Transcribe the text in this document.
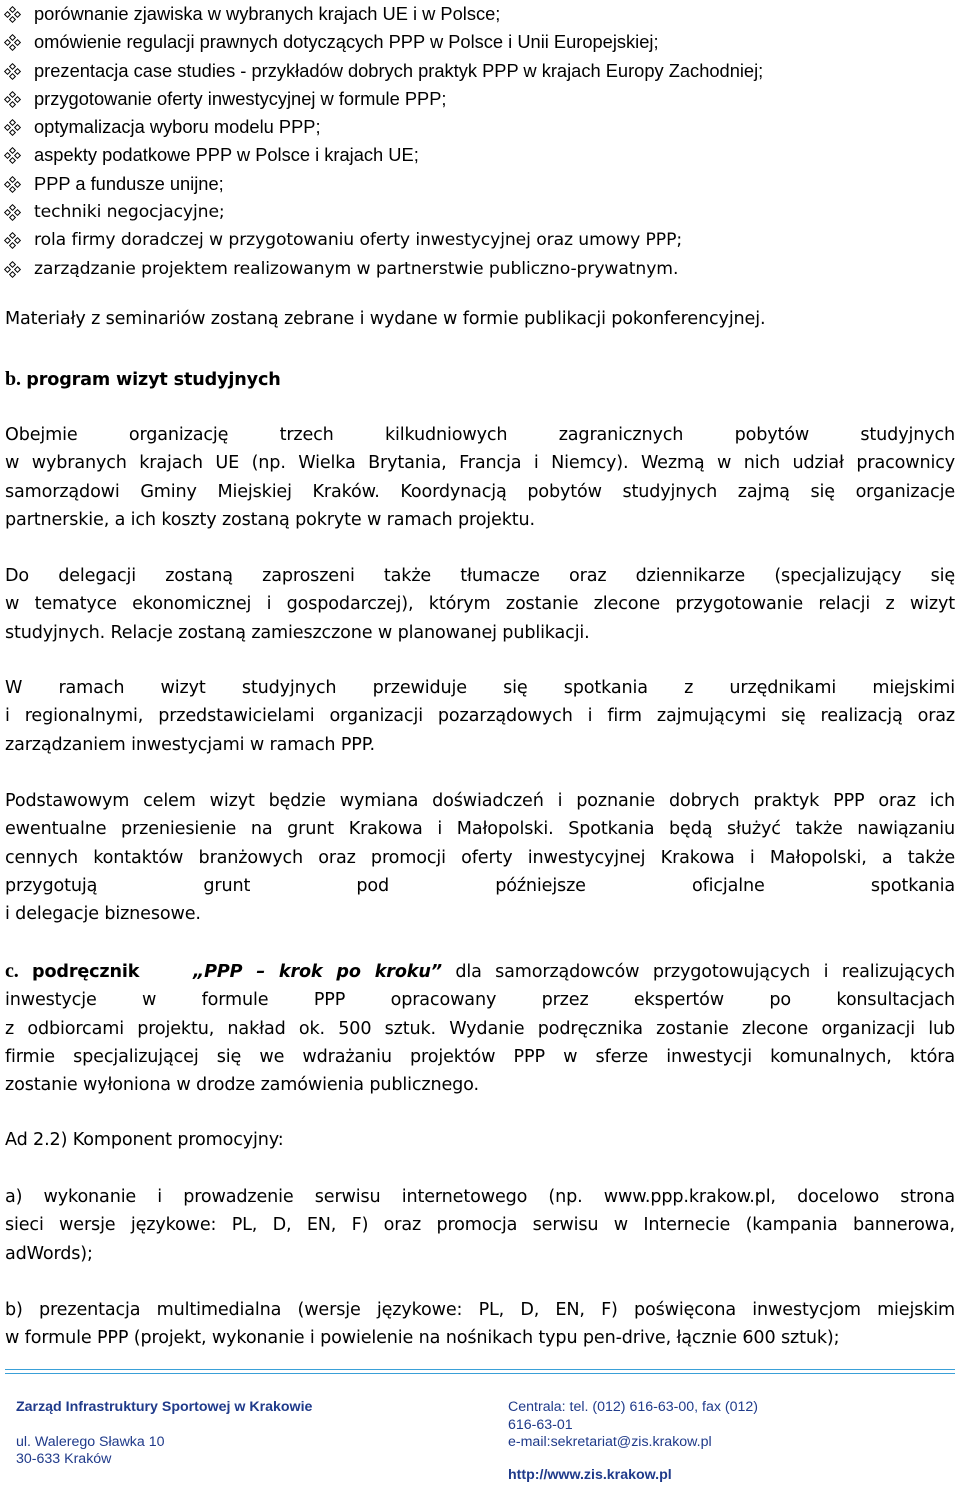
porównanie zjawiska w wybranych krajach UE i w Polsce;
omówienie regulacji prawnych dotyczących PPP w Polsce i Unii Europejskiej;
prezentacja case studies - przykładów dobrych praktyk PPP w krajach Europy Zachodniej;
przygotowanie oferty inwestycyjnej w formule PPP;
optymalizacja wyboru modelu PPP;
aspekty podatkowe PPP w Polsce i krajach UE;
PPP a fundusze unijne;
techniki negocjacyjne;
rola firmy doradczej w przygotowaniu oferty inwestycyjnej oraz umowy PPP;
zarządzanie projektem realizowanym w partnerstwie publiczno-prywatnym.
Materiały z seminariów zostaną zebrane i wydane w formie publikacji pokonferencyjnej.
b. program wizyt studyjnych
Obejmie organizację trzech kilkudniowych zagranicznych pobytów studyjnych
w wybranych krajach UE (np. Wielka Brytania, Francja i Niemcy). Wezmą w nich udział pracownicy
samorządowi Gminy Miejskiej Kraków. Koordynacją pobytów studyjnych zajmą się organizacje
partnerskie, a ich koszty zostaną pokryte w ramach projektu.
Do delegacji zostaną zaproszeni także tłumacze oraz dziennikarze (specjalizujący się
w tematyce ekonomicznej i gospodarczej), którym zostanie zlecone przygotowanie relacji z wizyt
studyjnych. Relacje zostaną zamieszczone w planowanej publikacji.
W ramach wizyt studyjnych przewiduje się spotkania z urzędnikami miejskimi
i regionalnymi, przedstawicielami organizacji pozarządowych i firm zajmującymi się realizacją oraz
zarządzaniem inwestycjami w ramach PPP.
Podstawowym celem wizyt będzie wymiana doświadczeń i poznanie dobrych praktyk PPP oraz ich
ewentualne przeniesienie na grunt Krakowa i Małopolski. Spotkania będą służyć także nawiązaniu
cennych kontaktów branżowych oraz promocji oferty inwestycyjnej Krakowa i Małopolski, a także
przygotują grunt pod późniejsze oficjalne spotkania
i delegacje biznesowe.
c. podręcznik	„PPP – krok po kroku” dla samorządowców przygotowujących i realizujących
inwestycje w formule PPP opracowany przez ekspertów po konsultacjach
z odbiorcami projektu, nakład ok. 500 sztuk. Wydanie podręcznika zostanie zlecone organizacji lub
firmie specjalizującej się we wdrażaniu projektów PPP w sferze inwestycji komunalnych, która
zostanie wyłoniona w drodze zamówienia publicznego.
Ad 2.2) Komponent promocyjny:
a) wykonanie i prowadzenie serwisu internetowego (np. www.ppp.krakow.pl, docelowo strona
sieci wersje językowe: PL, D, EN, F) oraz promocja serwisu w Internecie (kampania bannerowa,
adWords);
b) prezentacja multimedialna (wersje językowe: PL, D, EN, F) poświęcona inwestycjom miejskim
w formule PPP (projekt, wykonanie i powielenie na nośnikach typu pen-drive, łącznie 600 sztuk);
Zarząd Infrastruktury Sportowej w Krakowie
ul. Walerego Sławka 10
30-633 Kraków
Centrala: tel. (012) 616-63-00, fax (012)
616-63-01
e-mail:sekretariat@zis.krakow.pl
http://www.zis.krakow.pl
